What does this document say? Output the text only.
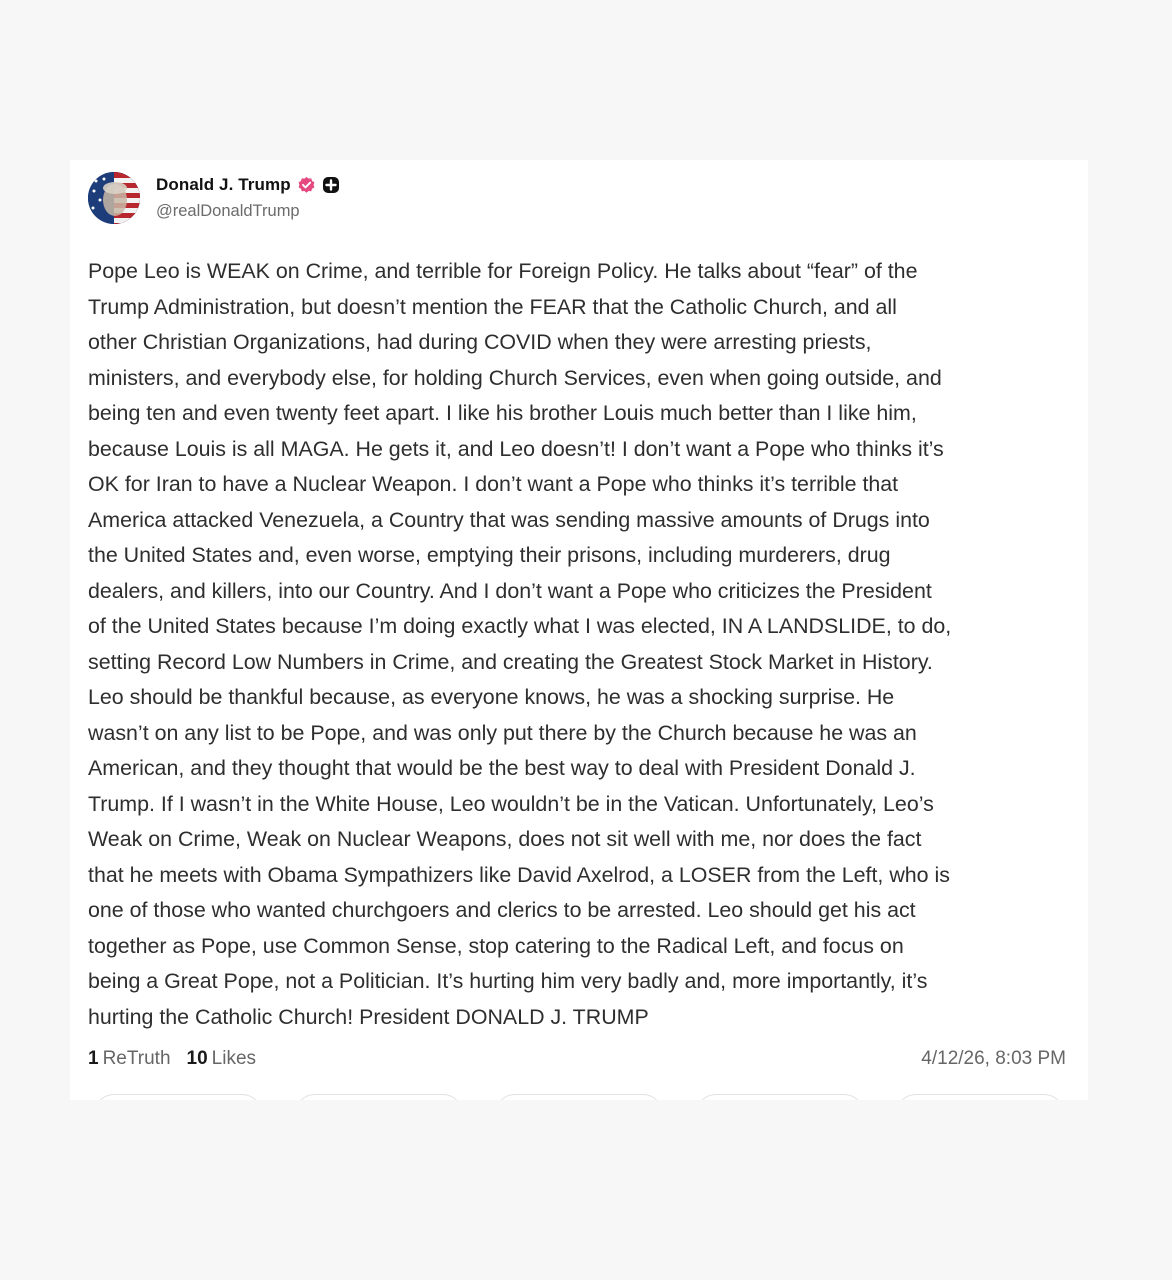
Donald J. Trump
@realDonaldTrump
Pope Leo is WEAK on Crime, and terrible for Foreign Policy. He talks about “fear” of the
Trump Administration, but doesn’t mention the FEAR that the Catholic Church, and all
other Christian Organizations, had during COVID when they were arresting priests,
ministers, and everybody else, for holding Church Services, even when going outside, and
being ten and even twenty feet apart. I like his brother Louis much better than I like him,
because Louis is all MAGA. He gets it, and Leo doesn’t! I don’t want a Pope who thinks it’s
OK for Iran to have a Nuclear Weapon. I don’t want a Pope who thinks it’s terrible that
America attacked Venezuela, a Country that was sending massive amounts of Drugs into
the United States and, even worse, emptying their prisons, including murderers, drug
dealers, and killers, into our Country. And I don’t want a Pope who criticizes the President
of the United States because I’m doing exactly what I was elected, IN A LANDSLIDE, to do,
setting Record Low Numbers in Crime, and creating the Greatest Stock Market in History.
Leo should be thankful because, as everyone knows, he was a shocking surprise. He
wasn’t on any list to be Pope, and was only put there by the Church because he was an
American, and they thought that would be the best way to deal with President Donald J.
Trump. If I wasn’t in the White House, Leo wouldn’t be in the Vatican. Unfortunately, Leo’s
Weak on Crime, Weak on Nuclear Weapons, does not sit well with me, nor does the fact
that he meets with Obama Sympathizers like David Axelrod, a LOSER from the Left, who is
one of those who wanted churchgoers and clerics to be arrested. Leo should get his act
together as Pope, use Common Sense, stop catering to the Radical Left, and focus on
being a Great Pope, not a Politician. It’s hurting him very badly and, more importantly, it’s
hurting the Catholic Church! President DONALD J. TRUMP
1 ReTruth 10 Likes	4/12/26, 8:03 PM
